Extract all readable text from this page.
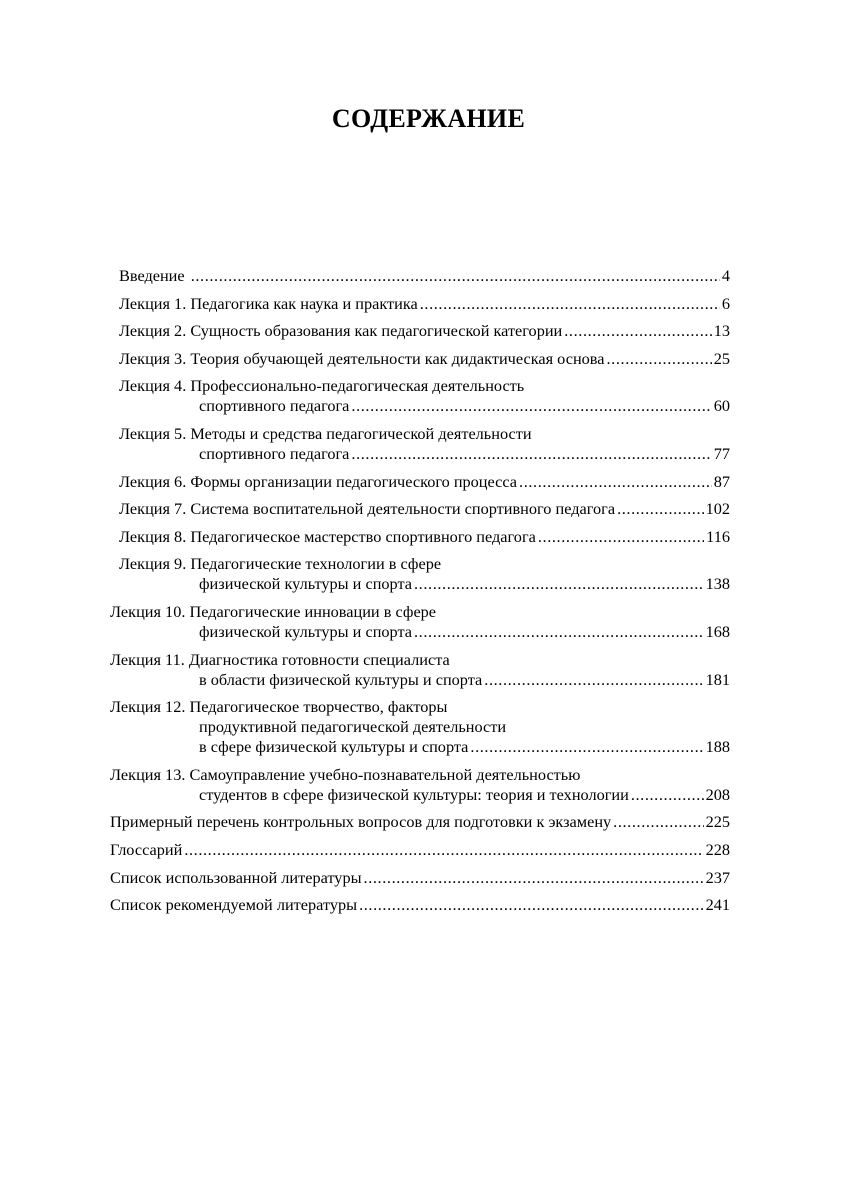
СОДЕРЖАНИЕ
Введение .....	4
Лекция 1. Педагогика как наука и практика .....	6
Лекция 2. Сущность образования как педагогической категории .....	13
Лекция 3. Теория обучающей деятельности как дидактическая основа .....	25
Лекция 4. Профессионально-педагогическая деятельность
спортивного педагога .....	60
Лекция 5. Методы и средства педагогической деятельности
спортивного педагога .....	77
Лекция 6. Формы организации педагогического процесса .....	87
Лекция 7. Система воспитательной деятельности спортивного педагога .....	102
Лекция 8. Педагогическое мастерство спортивного педагога .....	116
Лекция 9. Педагогические технологии в сфере
физической культуры и спорта .....	138
Лекция 10. Педагогические инновации в сфере
физической культуры и спорта .....	168
Лекция 11. Диагностика готовности специалиста
в области физической культуры и спорта .....	181
Лекция 12. Педагогическое творчество, факторы
продуктивной педагогической деятельности
в сфере физической культуры и спорта .....	188
Лекция 13. Самоуправление учебно-познавательной деятельностью
студентов в сфере физической культуры: теория и технологии .....	208
Примерный перечень контрольных вопросов для подготовки к экзамену .....	225
Глоссарий .....	228
Список использованной литературы .....	237
Список рекомендуемой литературы .....	241
